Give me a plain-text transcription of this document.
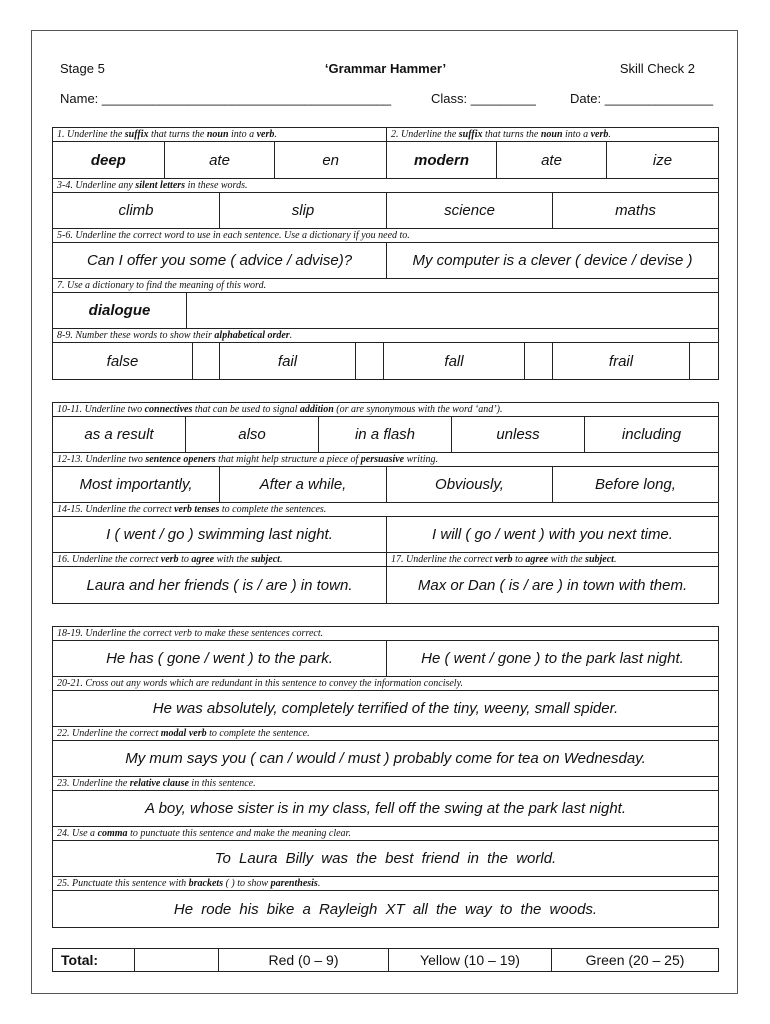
Stage 5	‘Grammar Hammer’	Skill Check 2
Name: ________________________________________	Class: _________	Date: _______________
1. Underline the suffix that turns the noun into a verb.
deep	ate	en
2. Underline the suffix that turns the noun into a verb.
modern	ate	ize
3-4. Underline any silent letters in these words.
climb	slip	science	maths
5-6. Underline the correct word to use in each sentence. Use a dictionary if you need to.
Can I offer you some ( advice / advise)?	My computer is a clever ( device / devise )
7. Use a dictionary to find the meaning of this word.
dialogue
8-9. Number these words to show their alphabetical order.
false	fail	fall	frail
10-11. Underline two connectives that can be used to signal addition (or are synonymous with the word ‘and’).
as a result	also	in a flash	unless	including
12-13. Underline two sentence openers that might help structure a piece of persuasive writing.
Most importantly,	After a while,	Obviously,	Before long,
14-15. Underline the correct verb tenses to complete the sentences.
I ( went / go ) swimming last night.	I will ( go / went ) with you next time.
16. Underline the correct verb to agree with the subject.
Laura and her friends ( is / are ) in town.
17. Underline the correct verb to agree with the subject.
Max or Dan ( is / are ) in town with them.
18-19. Underline the correct verb to make these sentences correct.
He has ( gone / went ) to the park.	He ( went / gone ) to the park last night.
20-21. Cross out any words which are redundant in this sentence to convey the information concisely.
He was absolutely, completely terrified of the tiny, weeny, small spider.
22. Underline the correct modal verb to complete the sentence.
My mum says you ( can / would / must ) probably come for tea on Wednesday.
23. Underline the relative clause in this sentence.
A boy, whose sister is in my class, fell off the swing at the park last night.
24. Use a comma to punctuate this sentence and make the meaning clear.
To Laura Billy was the best friend in the world.
25. Punctuate this sentence with brackets ( ) to show parenthesis.
He rode his bike a Rayleigh XT all the way to the woods.
Total:	Red (0 – 9)	Yellow (10 – 19)	Green (20 – 25)
